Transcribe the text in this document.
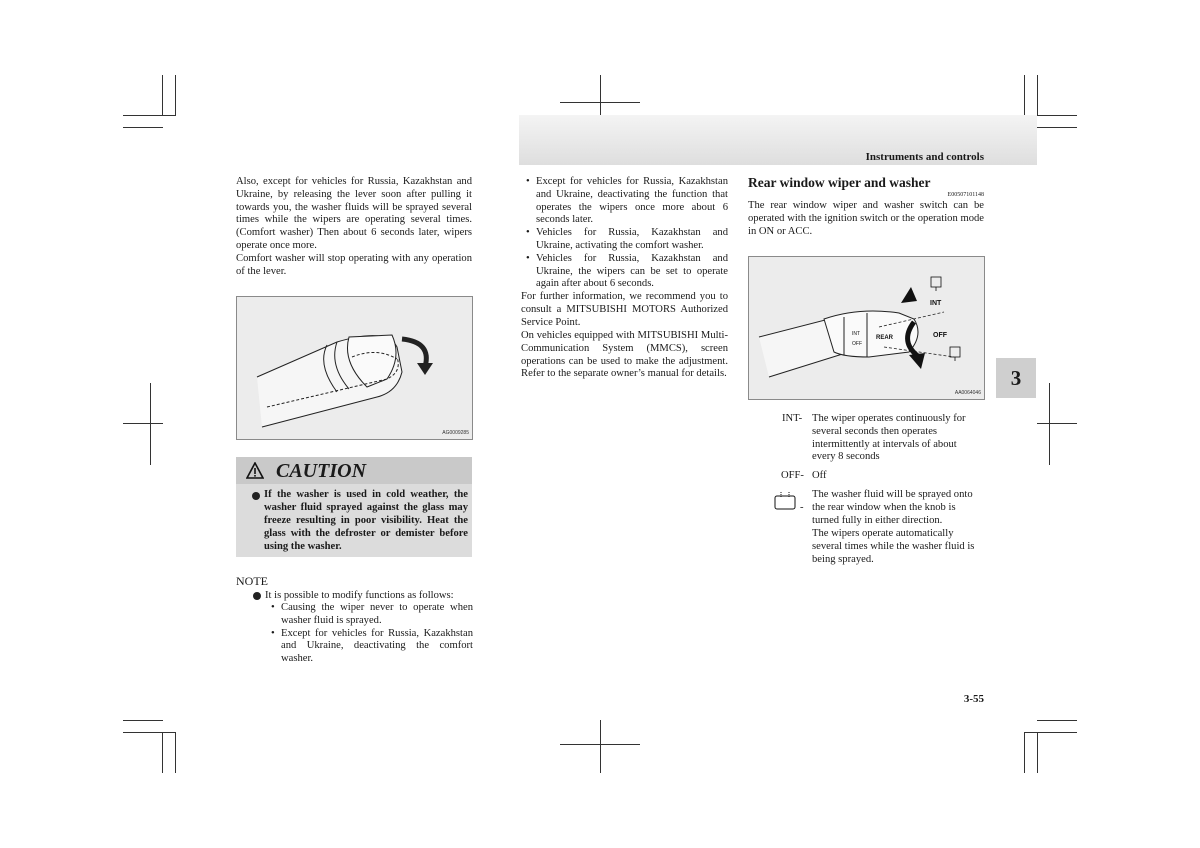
Instruments and controls
Also, except for vehicles for Russia, Kazakhstan and Ukraine, by releasing the lever soon after pulling it towards you, the washer fluids will be sprayed several times while the wipers are operating several times. (Comfort washer) Then about 6 seconds later, wipers operate once more.
Comfort washer will stop operating with any operation of the lever.
AG0009285
CAUTION
If the washer is used in cold weather, the washer fluid sprayed against the glass may freeze resulting in poor visibility. Heat the glass with the defroster or demister before using the washer.
NOTE
It is possible to modify functions as follows:
• Causing the wiper never to operate when washer fluid is sprayed.
• Except for vehicles for Russia, Kazakhstan and Ukraine, deactivating the comfort washer.
• Except for vehicles for Russia, Kazakhstan and Ukraine, deactivating the function that operates the wipers once more about 6 seconds later.
• Vehicles for Russia, Kazakhstan and Ukraine, activating the comfort washer.
• Vehicles for Russia, Kazakhstan and Ukraine, the wipers can be set to operate again after about 6 seconds.
For further information, we recommend you to consult a MITSUBISHI MOTORS Authorized Service Point.
On vehicles equipped with MITSUBISHI Multi-Communication System (MMCS), screen operations can be used to make the adjustment. Refer to the separate owner’s manual for details.
Rear window wiper and washer
E00507101148
The rear window wiper and washer switch can be operated with the ignition switch or the operation mode in ON or ACC.
REAR
INT
OFF
INT
OFF
AA0064046
INT- The wiper operates continuously for several seconds then operates intermittently at intervals of about every 8 seconds
OFF- Off
-
The washer fluid will be sprayed onto the rear window when the knob is turned fully in either direction.
The wipers operate automatically several times while the washer fluid is being sprayed.
3
3-55
